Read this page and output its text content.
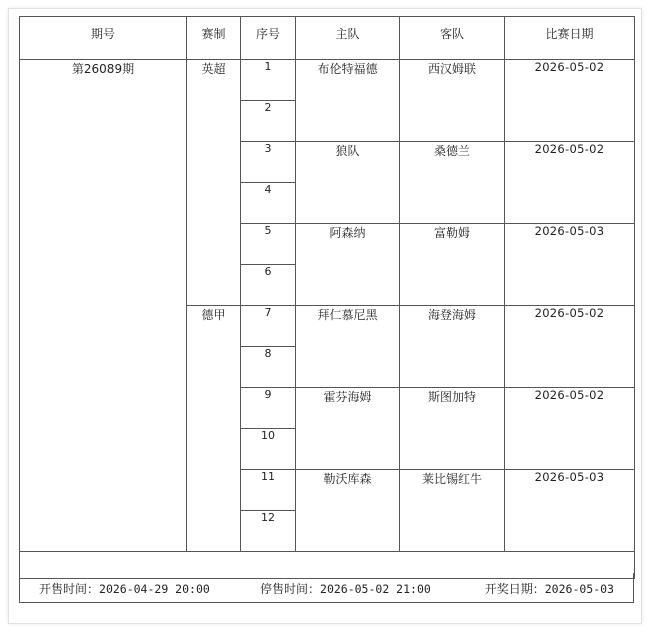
期号	赛制	序号	主队	客队	比赛日期
第26089期	英超	1	布伦特福德	西汉姆联	2026-05-02
		2			
		3	狼队	桑德兰	2026-05-02
		4			
		5	阿森纳	富勒姆	2026-05-03
		6			
	德甲	7	拜仁慕尼黑	海登海姆	2026-05-02
		8			
		9	霍芬海姆	斯图加特	2026-05-02
		10			
		11	勒沃库森	莱比锡红牛	2026-05-03
		12			

开售时间：2026-04-29 20:00	停售时间：2026-05-02 21:00	开奖日期：2026-05-03
